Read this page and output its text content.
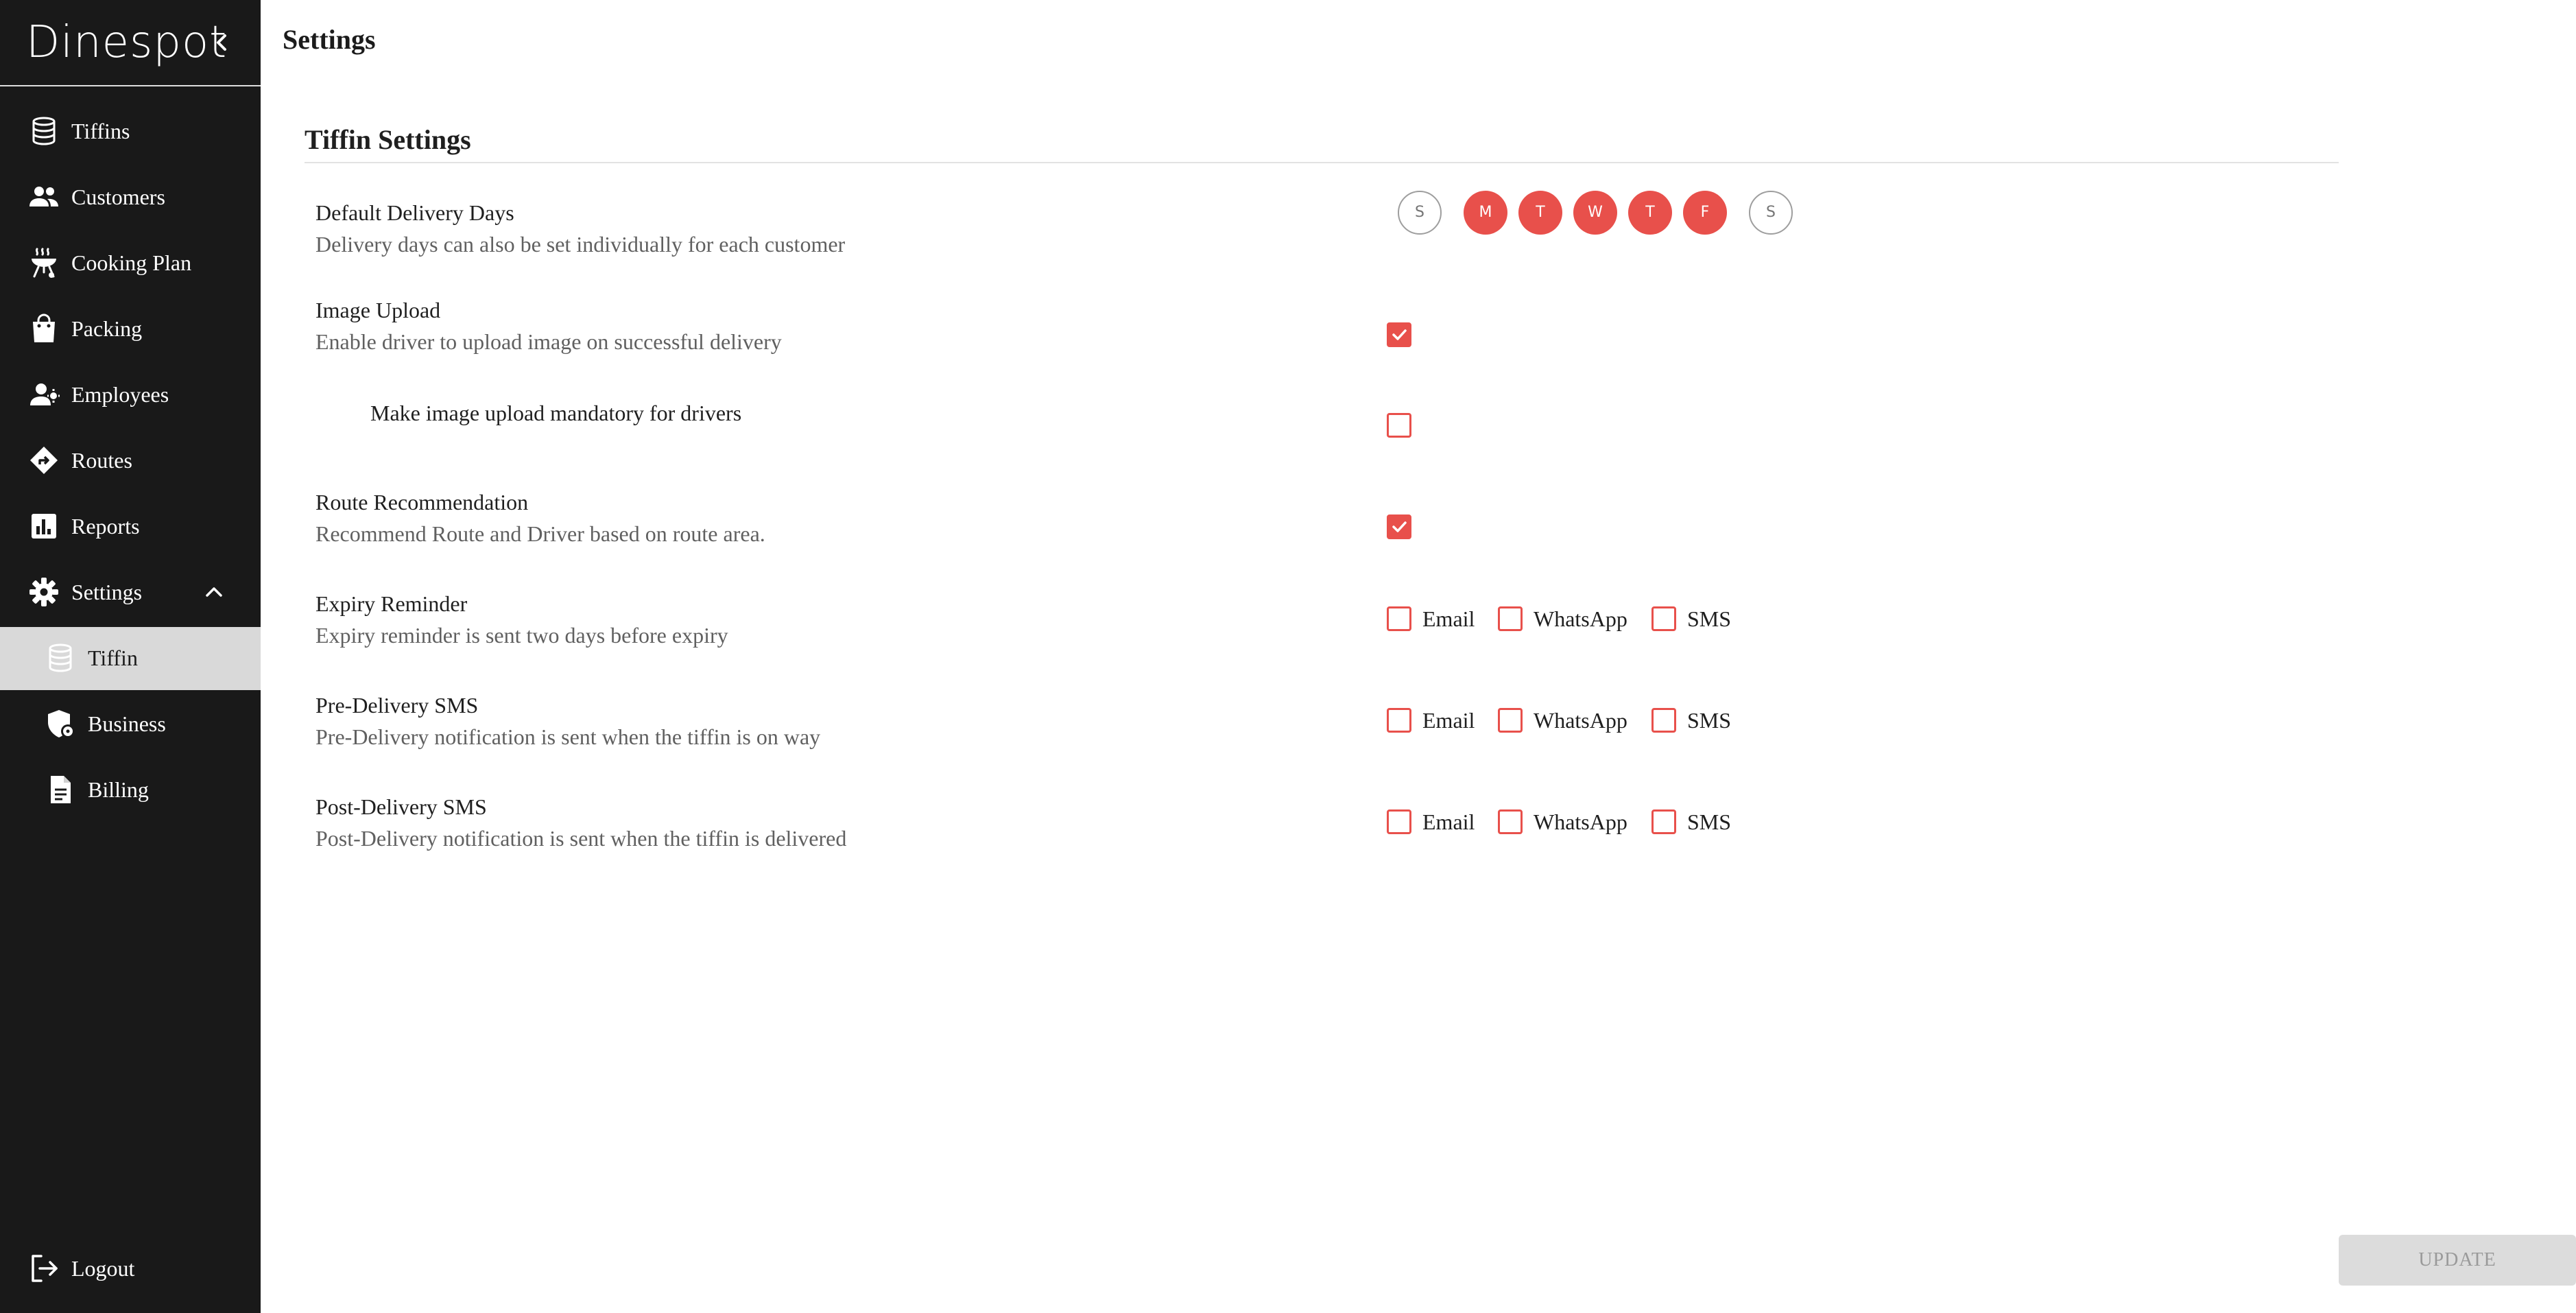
Dinespot
Tiffins
Customers
Cooking Plan
Packing
Employees
Routes
Reports
Settings
Tiffin
Business
Billing
Logout
Settings
Tiffin Settings
Default Delivery Days
Delivery days can also be set individually for each customer
S	M	T	W	T	F	S
Image Upload
Enable driver to upload image on successful delivery
Make image upload mandatory for drivers
Route Recommendation
Recommend Route and Driver based on route area.
Expiry Reminder
Expiry reminder is sent two days before expiry
Email	WhatsApp	SMS
Pre-Delivery SMS
Pre-Delivery notification is sent when the tiffin is on way
Email	WhatsApp	SMS
Post-Delivery SMS
Post-Delivery notification is sent when the tiffin is delivered
Email	WhatsApp	SMS
UPDATE
